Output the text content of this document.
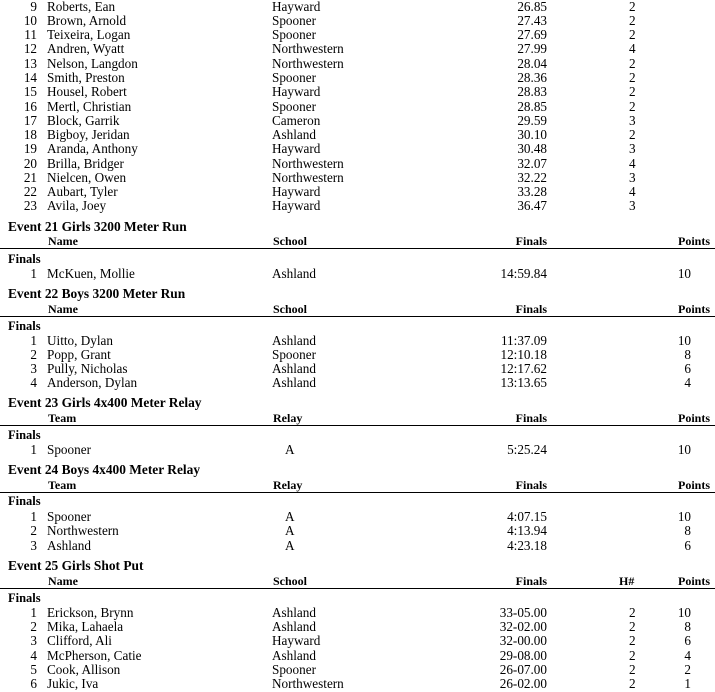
9 Roberts, Ean	Hayward	26.85	2
10 Brown, Arnold	Spooner	27.43	2
11 Teixeira, Logan	Spooner	27.69	2
12 Andren, Wyatt	Northwestern	27.99	4
13 Nelson, Langdon	Northwestern	28.04	2
14 Smith, Preston	Spooner	28.36	2
15 Housel, Robert	Hayward	28.83	2
16 Mertl, Christian	Spooner	28.85	2
17 Block, Garrik	Cameron	29.59	3
18 Bigboy, Jeridan	Ashland	30.10	2
19 Aranda, Anthony	Hayward	30.48	3
20 Brilla, Bridger	Northwestern	32.07	4
21 Nielcen, Owen	Northwestern	32.22	3
22 Aubart, Tyler	Hayward	33.28	4
23 Avila, Joey	Hayward	36.47	3
Event 21 Girls 3200 Meter Run
Name	School	Finals	Points
Finals
1 McKuen, Mollie	Ashland	14:59.84	10
Event 22 Boys 3200 Meter Run
Name	School	Finals	Points
Finals
1 Uitto, Dylan	Ashland	11:37.09	10
2 Popp, Grant	Spooner	12:10.18	8
3 Pully, Nicholas	Ashland	12:17.62	6
4 Anderson, Dylan	Ashland	13:13.65	4
Event 23 Girls 4x400 Meter Relay
Team	Relay	Finals	Points
Finals
1 Spooner	A	5:25.24	10
Event 24 Boys 4x400 Meter Relay
Team	Relay	Finals	Points
Finals
1 Spooner	A	4:07.15	10
2 Northwestern	A	4:13.94	8
3 Ashland	A	4:23.18	6
Event 25 Girls Shot Put
Name	School	Finals	H#	Points
Finals
1 Erickson, Brynn	Ashland	33-05.00	2	10
2 Mika, Lahaela	Ashland	32-02.00	2	8
3 Clifford, Ali	Hayward	32-00.00	2	6
4 McPherson, Catie	Ashland	29-08.00	2	4
5 Cook, Allison	Spooner	26-07.00	2	2
6 Jukic, Iva	Northwestern	26-02.00	2	1
